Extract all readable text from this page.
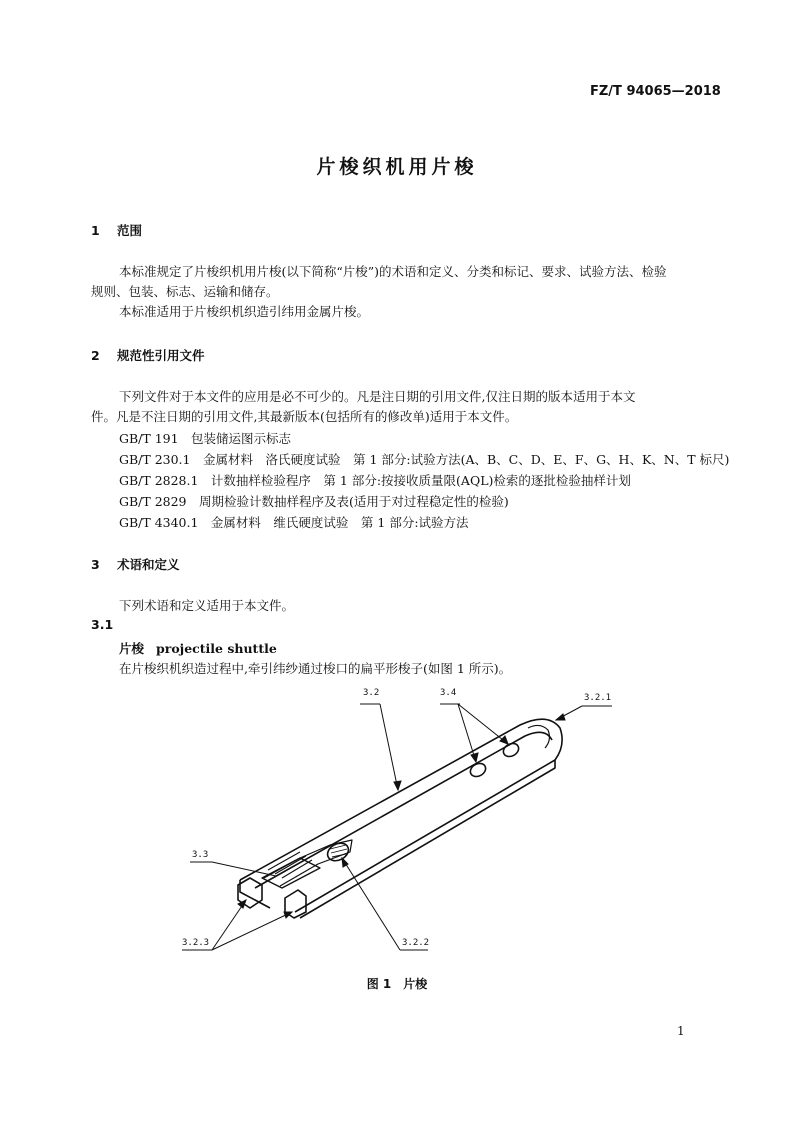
FZ/T 94065—2018
片梭织机用片梭
1 范围
本标准规定了片梭织机用片梭(以下简称“片梭”)的术语和定义、分类和标记、要求、试验方法、检验
规则、包装、标志、运输和储存。
本标准适用于片梭织机织造引纬用金属片梭。
2 规范性引用文件
下列文件对于本文件的应用是必不可少的。凡是注日期的引用文件,仅注日期的版本适用于本文
件。凡是不注日期的引用文件,其最新版本(包括所有的修改单)适用于本文件。
GB/T 191　包装储运图示标志
GB/T 230.1　金属材料　洛氏硬度试验　第 1 部分:试验方法(A、B、C、D、E、F、G、H、K、N、T 标尺)
GB/T 2828.1　计数抽样检验程序　第 1 部分:按接收质量限(AQL)检索的逐批检验抽样计划
GB/T 2829　周期检验计数抽样程序及表(适用于对过程稳定性的检验)
GB/T 4340.1　金属材料　维氏硬度试验　第 1 部分:试验方法
3 术语和定义
下列术语和定义适用于本文件。
3.1
片梭 projectile shuttle
在片梭织机织造过程中,牵引纬纱通过梭口的扁平形梭子(如图 1 所示)。
3.2	3.4	3.2.1
3.3
3.2.3	3.2.2
图 1　片梭
1
